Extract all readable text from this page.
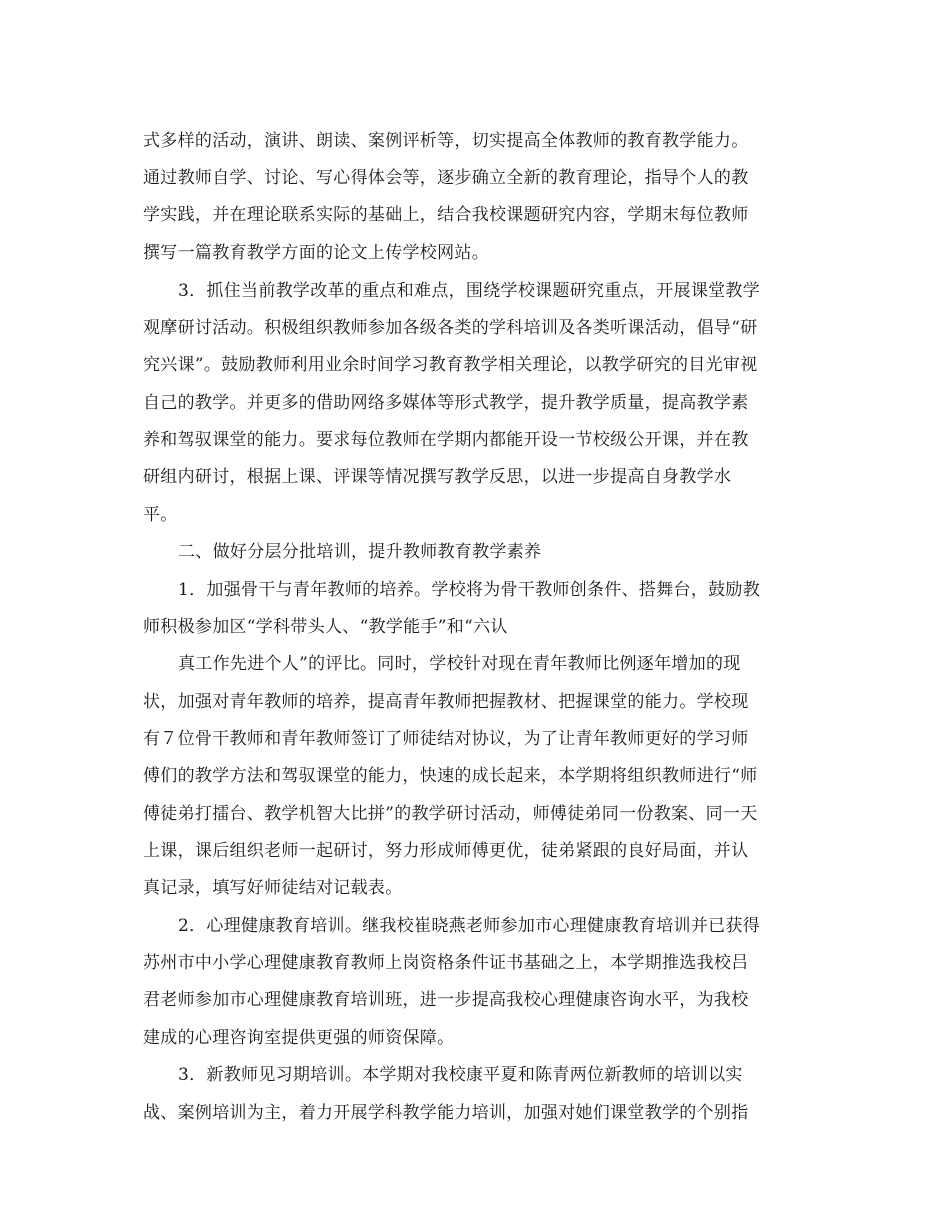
式多样的活动，演讲、朗读、案例评析等，切实提高全体教师的教育教学能力。
通过教师自学、讨论、写心得体会等，逐步确立全新的教育理论，指导个人的教
学实践，并在理论联系实际的基础上，结合我校课题研究内容，学期末每位教师
撰写一篇教育教学方面的论文上传学校网站。
3．抓住当前教学改革的重点和难点，围绕学校课题研究重点，开展课堂教学
观摩研讨活动。积极组织教师参加各级各类的学科培训及各类听课活动，倡导“研
究兴课”。鼓励教师利用业余时间学习教育教学相关理论，以教学研究的目光审视
自己的教学。并更多的借助网络多媒体等形式教学，提升教学质量，提高教学素
养和驾驭课堂的能力。要求每位教师在学期内都能开设一节校级公开课，并在教
研组内研讨，根据上课、评课等情况撰写教学反思，以进一步提高自身教学水
平。
二、做好分层分批培训，提升教师教育教学素养
1．加强骨干与青年教师的培养。学校将为骨干教师创条件、搭舞台，鼓励教
师积极参加区“学科带头人、“教学能手”和“六认
真工作先进个人”的评比。同时，学校针对现在青年教师比例逐年增加的现
状，加强对青年教师的培养，提高青年教师把握教材、把握课堂的能力。学校现
有７位骨干教师和青年教师签订了师徒结对协议，为了让青年教师更好的学习师
傅们的教学方法和驾驭课堂的能力，快速的成长起来，本学期将组织教师进行“师
傅徒弟打擂台、教学机智大比拼”的教学研讨活动，师傅徒弟同一份教案、同一天
上课，课后组织老师一起研讨，努力形成师傅更优，徒弟紧跟的良好局面，并认
真记录，填写好师徒结对记载表。
2．心理健康教育培训。继我校崔晓燕老师参加市心理健康教育培训并已获得
苏州市中小学心理健康教育教师上岗资格条件证书基础之上，本学期推选我校吕
君老师参加市心理健康教育培训班，进一步提高我校心理健康咨询水平，为我校
建成的心理咨询室提供更强的师资保障。
3．新教师见习期培训。本学期对我校康平夏和陈青两位新教师的培训以实
战、案例培训为主，着力开展学科教学能力培训，加强对她们课堂教学的个别指
